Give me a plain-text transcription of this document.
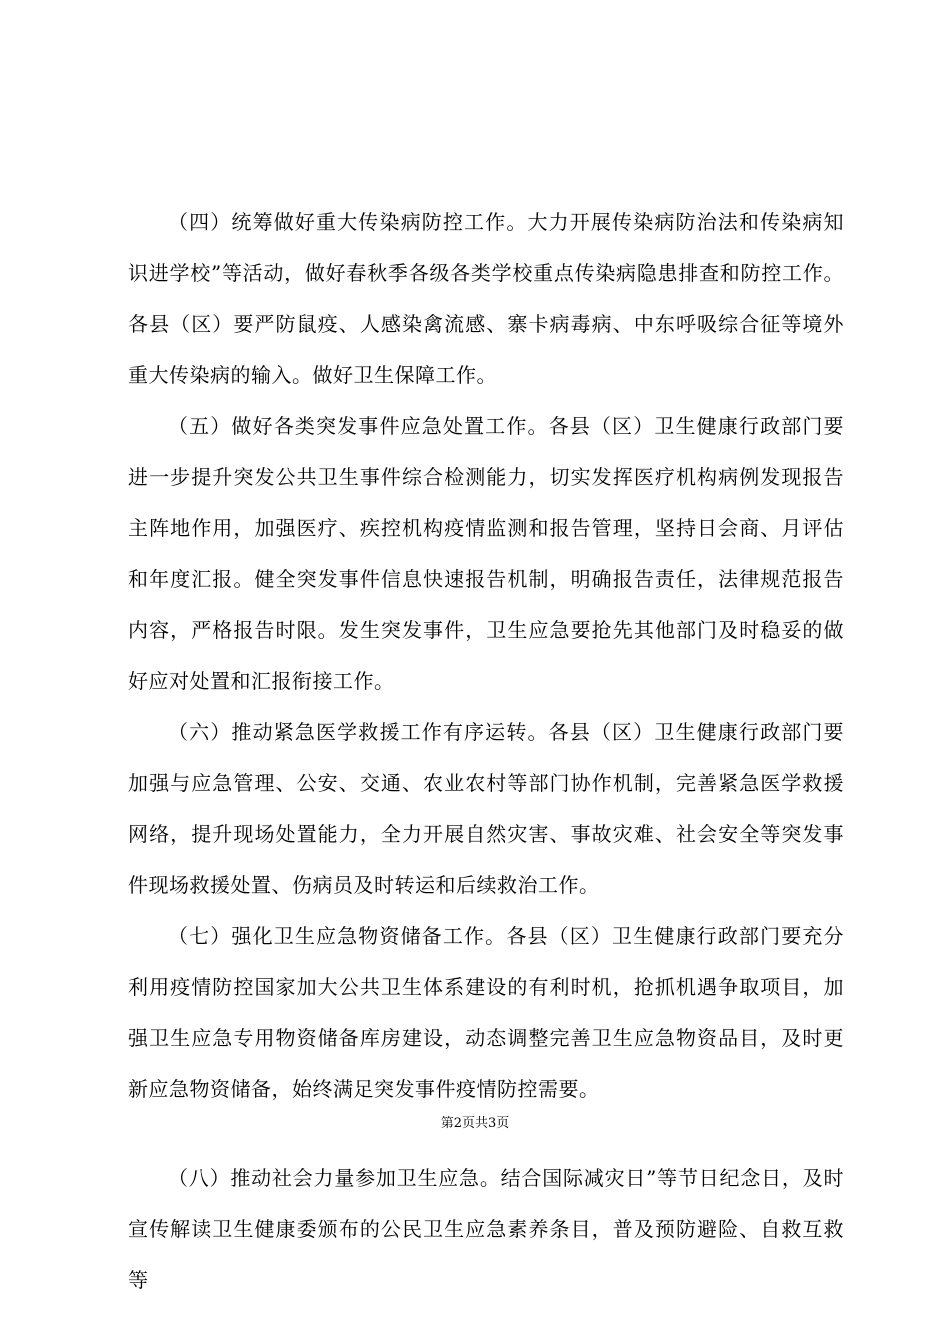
（四）统筹做好重大传染病防控工作。大力开展传染病防治法和传染病知识进学校”等活动，做好春秋季各级各类学校重点传染病隐患排查和防控工作。各县（区）要严防鼠疫、人感染禽流感、寨卡病毒病、中东呼吸综合征等境外重大传染病的输入。做好卫生保障工作。

（五）做好各类突发事件应急处置工作。各县（区）卫生健康行政部门要进一步提升突发公共卫生事件综合检测能力，切实发挥医疗机构病例发现报告主阵地作用，加强医疗、疾控机构疫情监测和报告管理，坚持日会商、月评估和年度汇报。健全突发事件信息快速报告机制，明确报告责任，法律规范报告内容，严格报告时限。发生突发事件，卫生应急要抢先其他部门及时稳妥的做好应对处置和汇报衔接工作。

（六）推动紧急医学救援工作有序运转。各县（区）卫生健康行政部门要加强与应急管理、公安、交通、农业农村等部门协作机制，完善紧急医学救援网络，提升现场处置能力，全力开展自然灾害、事故灾难、社会安全等突发事件现场救援处置、伤病员及时转运和后续救治工作。

（七）强化卫生应急物资储备工作。各县（区）卫生健康行政部门要充分利用疫情防控国家加大公共卫生体系建设的有利时机，抢抓机遇争取项目，加强卫生应急专用物资储备库房建设，动态调整完善卫生应急物资品目，及时更新应急物资储备，始终满足突发事件疫情防控需要。

第2页共3页

（八）推动社会力量参加卫生应急。结合国际减灾日”等节日纪念日，及时宣传解读卫生健康委颁布的公民卫生应急素养条目，普及预防避险、自救互救等
